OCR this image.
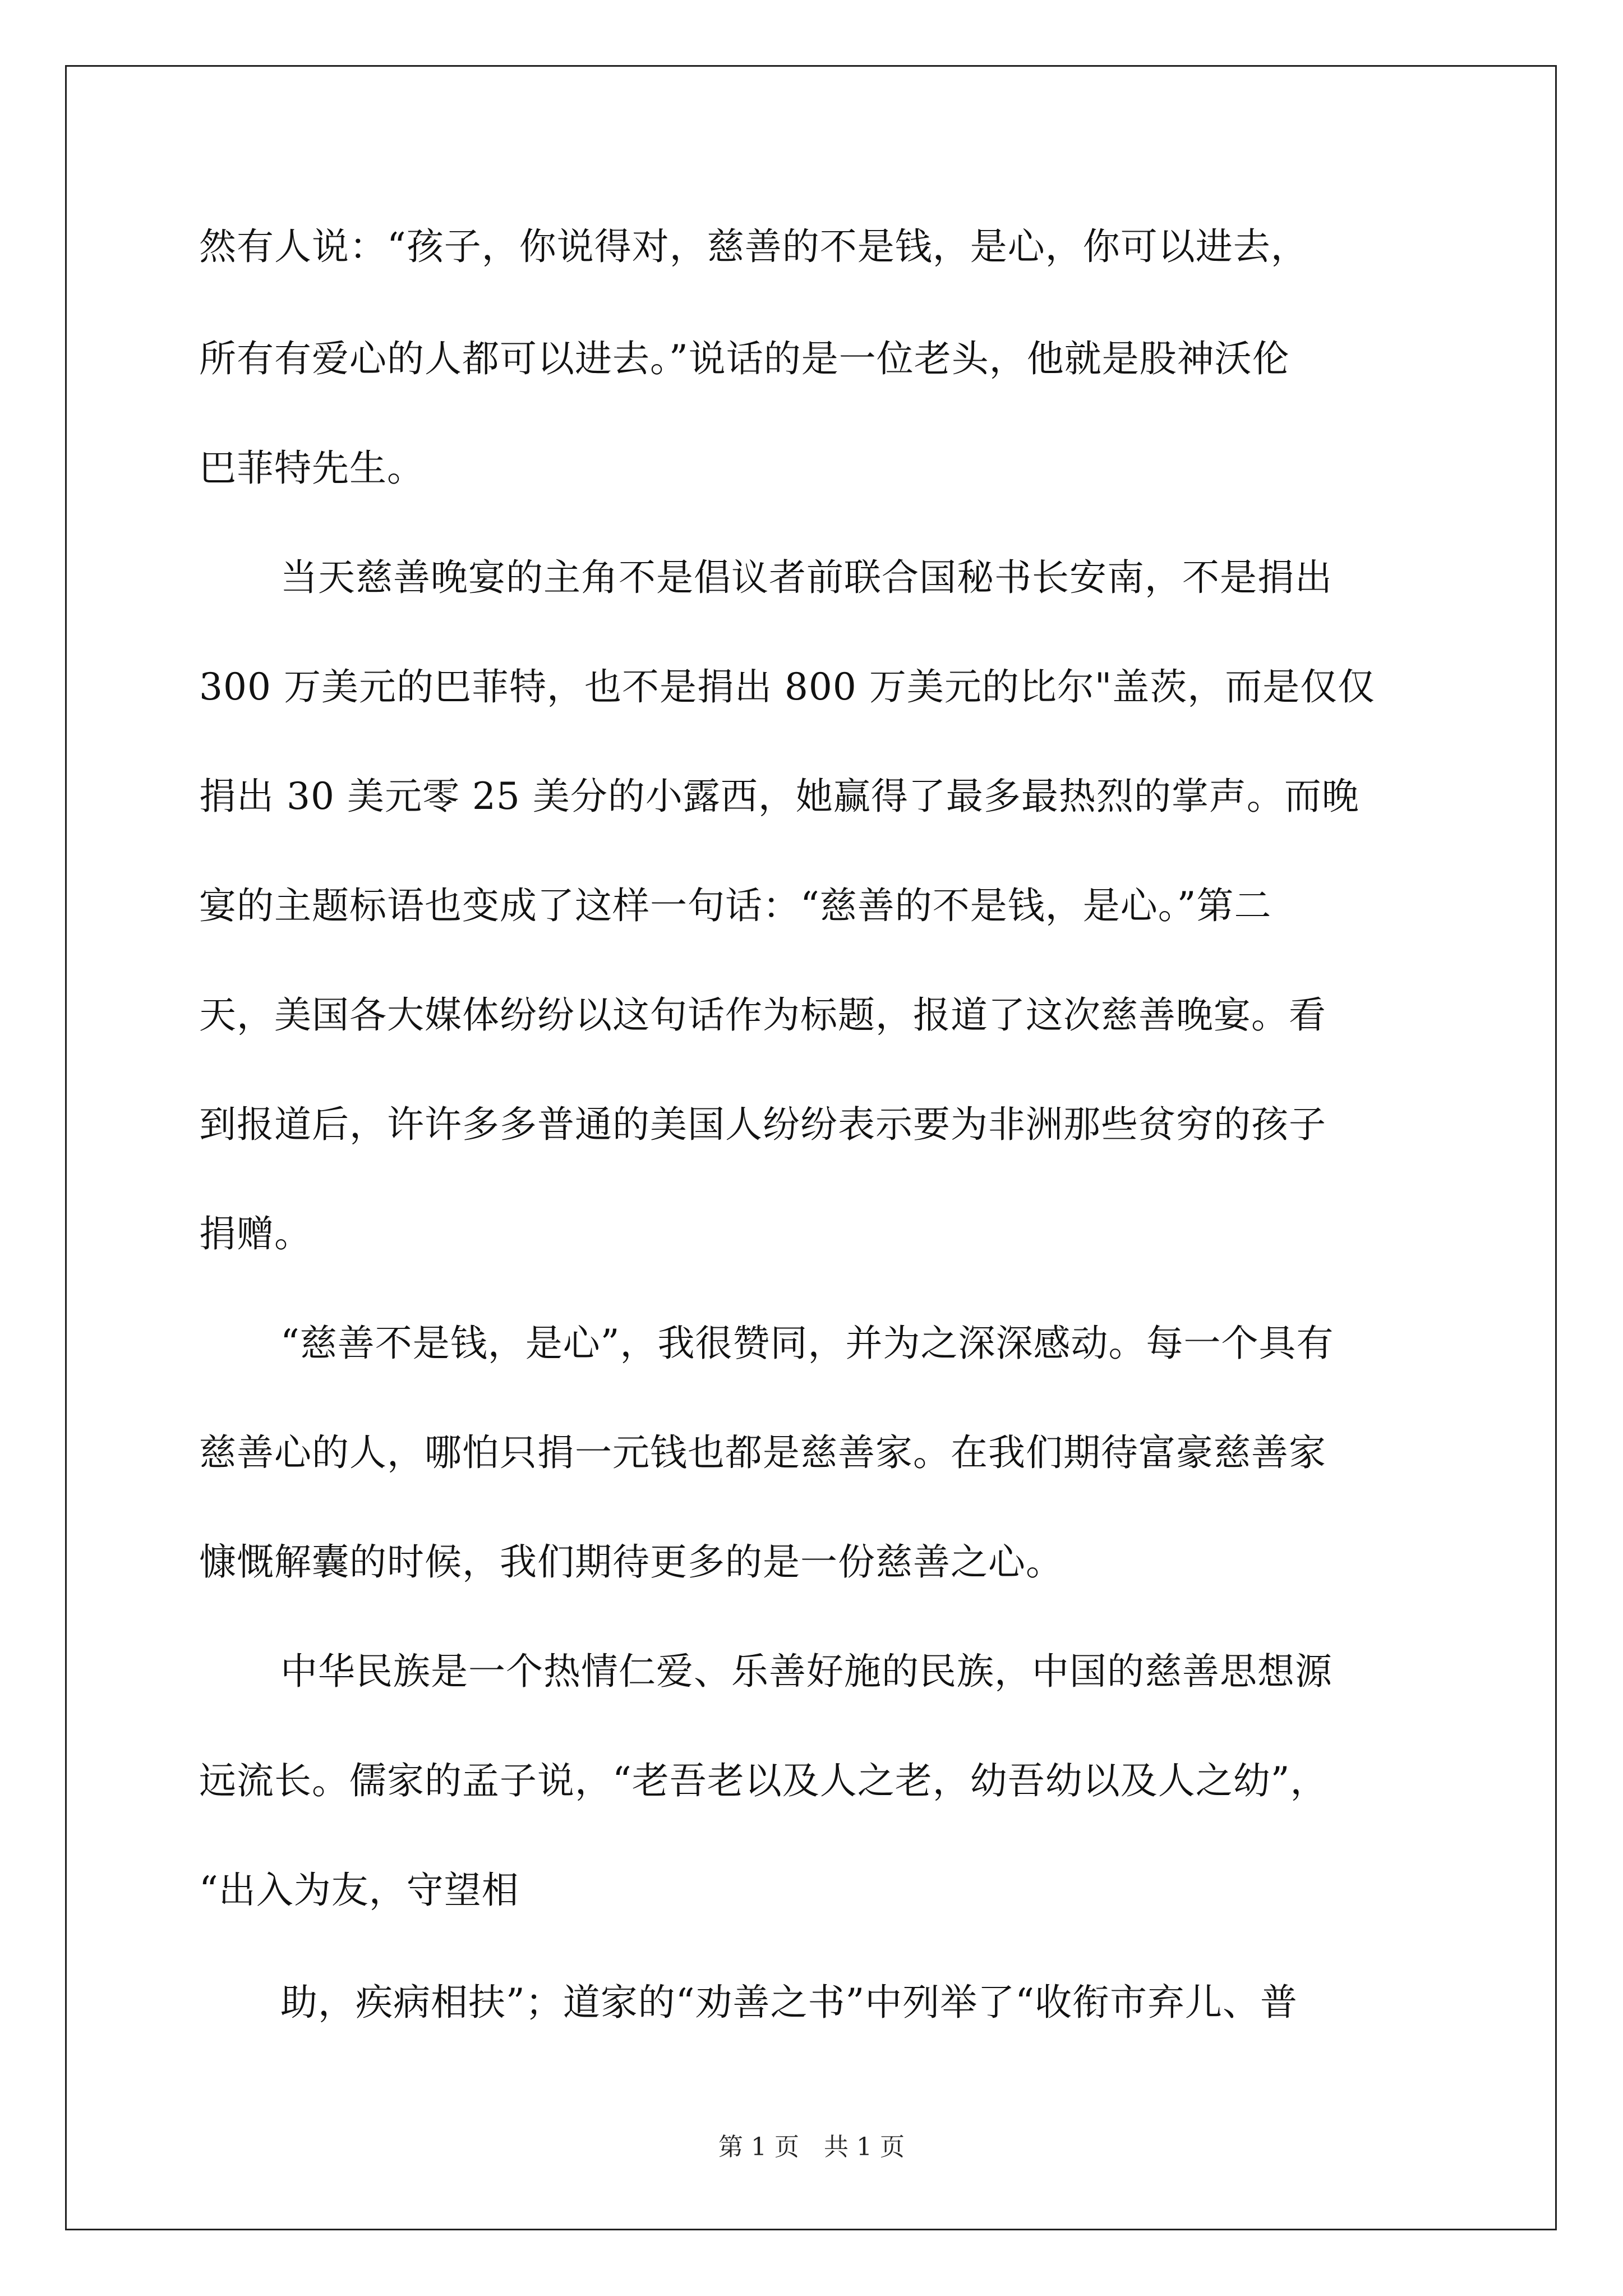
然有人说：“孩子，你说得对，慈善的不是钱，是心，你可以进去，
所有有爱心的人都可以进去。”说话的是一位老头，他就是股神沃伦
巴菲特先生。
当天慈善晚宴的主角不是倡议者前联合国秘书长安南，不是捐出
300 万美元的巴菲特，也不是捐出 800 万美元的比尔"盖茨，而是仅仅
捐出 30 美元零 25 美分的小露西，她赢得了最多最热烈的掌声。而晚
宴的主题标语也变成了这样一句话：“慈善的不是钱，是心。”第二
天，美国各大媒体纷纷以这句话作为标题，报道了这次慈善晚宴。看
到报道后，许许多多普通的美国人纷纷表示要为非洲那些贫穷的孩子
捐赠。
“慈善不是钱，是心”，我很赞同，并为之深深感动。每一个具有
慈善心的人，哪怕只捐一元钱也都是慈善家。在我们期待富豪慈善家
慷慨解囊的时候，我们期待更多的是一份慈善之心。
中华民族是一个热情仁爱、乐善好施的民族，中国的慈善思想源
远流长。儒家的孟子说，“老吾老以及人之老，幼吾幼以及人之幼”，
“出入为友，守望相
助，疾病相扶”；道家的“劝善之书”中列举了“收衔市弃儿、普
第 1 页　共 1 页
